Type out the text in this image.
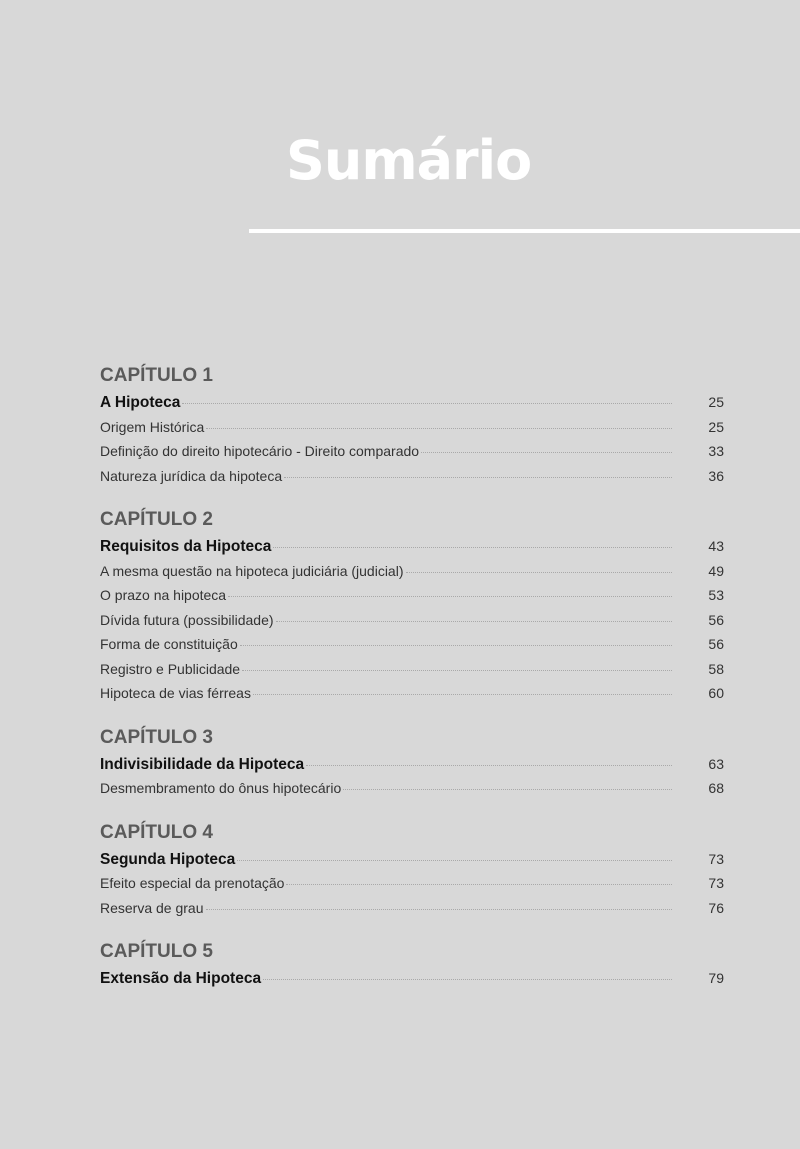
Sumário
CAPÍTULO 1
A Hipoteca	25
Origem Histórica	25
Definição do direito hipotecário - Direito comparado	33
Natureza jurídica da hipoteca	36
CAPÍTULO 2
Requisitos da Hipoteca	43
A mesma questão na hipoteca judiciária (judicial)	49
O prazo na hipoteca	53
Dívida futura (possibilidade)	56
Forma de constituição	56
Registro e Publicidade	58
Hipoteca de vias férreas	60
CAPÍTULO 3
Indivisibilidade da Hipoteca	63
Desmembramento do ônus hipotecário	68
CAPÍTULO 4
Segunda Hipoteca	73
Efeito especial da prenotação	73
Reserva de grau	76
CAPÍTULO 5
Extensão da Hipoteca	79
